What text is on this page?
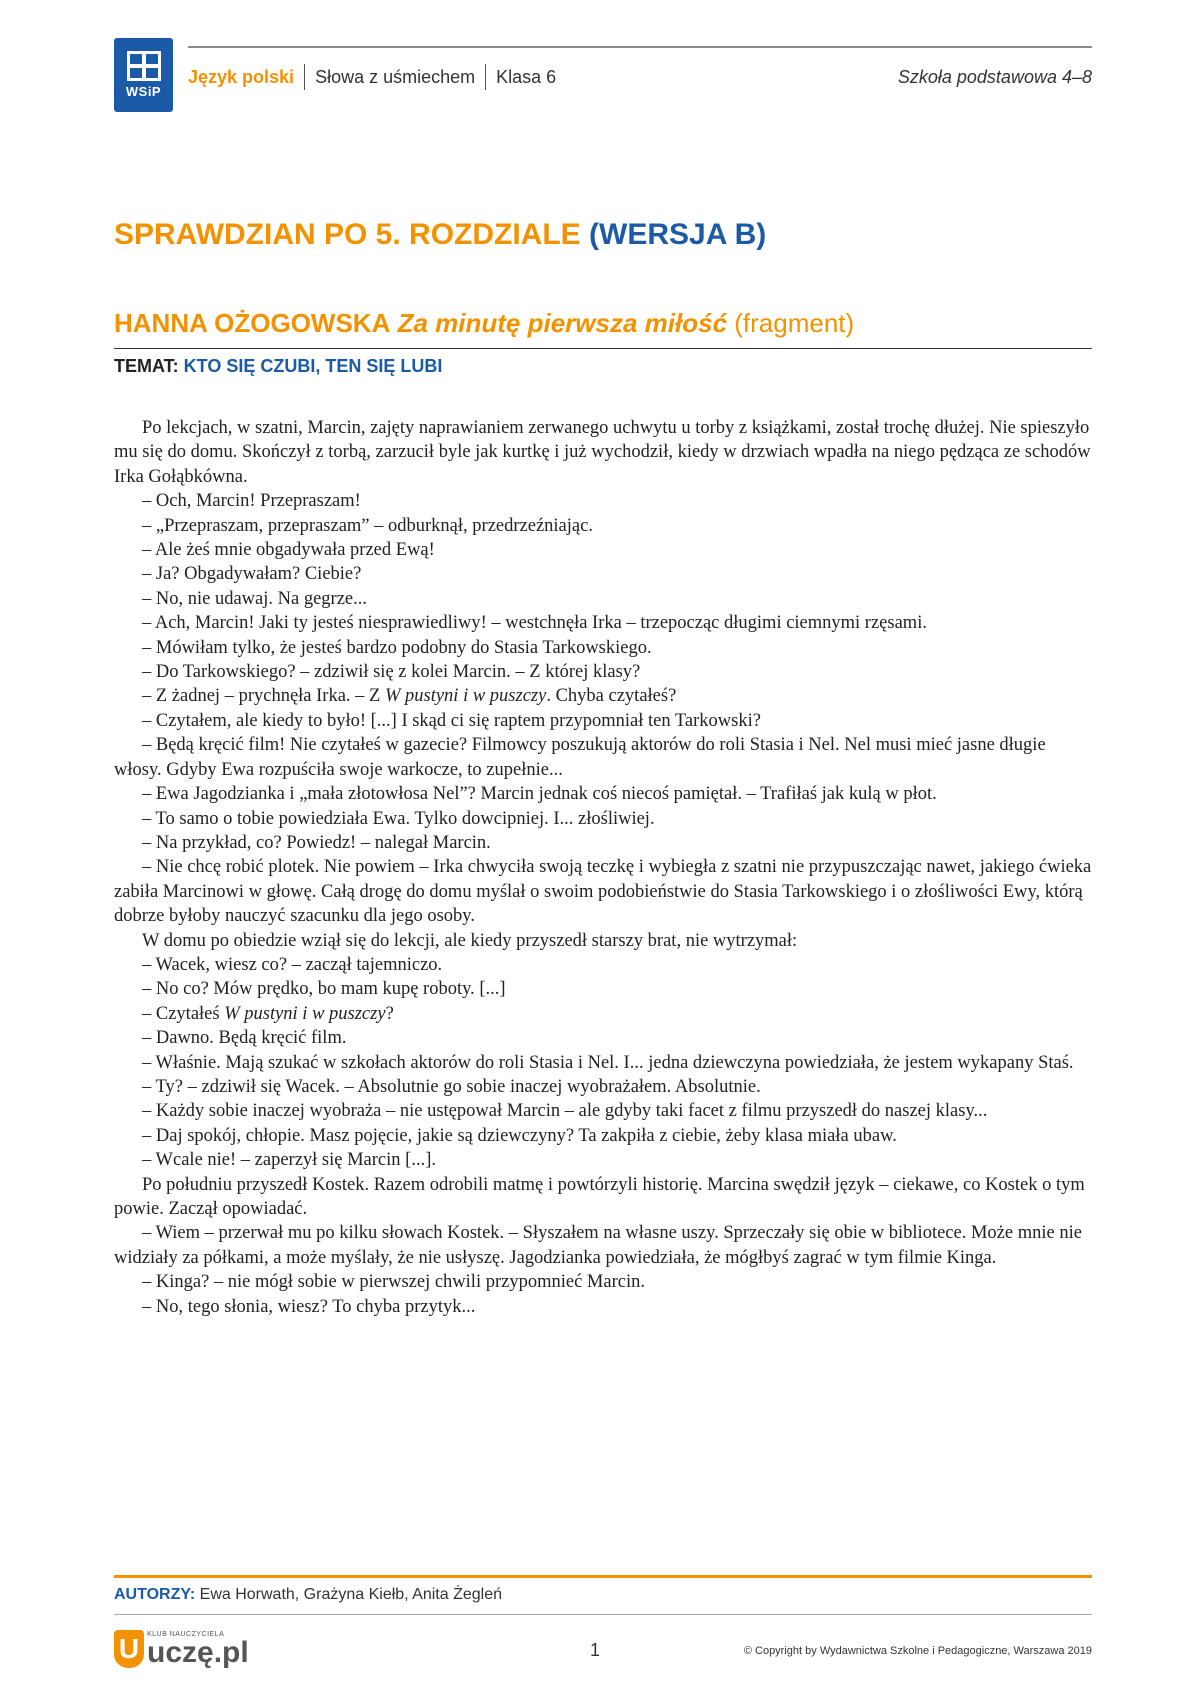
WSiP
Język polski Słowa z uśmiechem Klasa 6	Szkoła podstawowa 4–8
SPRAWDZIAN PO 5. ROZDZIALE (WERSJA B)
HANNA OŻOGOWSKA Za minutę pierwsza miłość (fragment)
TEMAT: KTO SIĘ CZUBI, TEN SIĘ LUBI

Po lekcjach, w szatni, Marcin, zajęty naprawianiem zerwanego uchwytu u torby z książkami, został trochę dłużej. Nie spieszyło mu się do domu. Skończył z torbą, zarzucił byle jak kurtkę i już wychodził, kiedy w drzwiach wpadła na niego pędząca ze schodów Irka Gołąbkówna.

– Och, Marcin! Przepraszam!

– „Przepraszam, przepraszam” – odburknął, przedrzeźniając.

– Ale żeś mnie obgadywała przed Ewą!

– Ja? Obgadywałam? Ciebie?

– No, nie udawaj. Na gegrze...

– Ach, Marcin! Jaki ty jesteś niesprawiedliwy! – westchnęła Irka – trzepocząc długimi ciemnymi rzęsami.

– Mówiłam tylko, że jesteś bardzo podobny do Stasia Tarkowskiego.

– Do Tarkowskiego? – zdziwił się z kolei Marcin. – Z której klasy?

– Z żadnej – prychnęła Irka. – Z W pustyni i w puszczy. Chyba czytałeś?

– Czytałem, ale kiedy to było! [...] I skąd ci się raptem przypomniał ten Tarkowski?

– Będą kręcić film! Nie czytałeś w gazecie? Filmowcy poszukują aktorów do roli Stasia i Nel. Nel musi mieć jasne długie włosy. Gdyby Ewa rozpuściła swoje warkocze, to zupełnie...

– Ewa Jagodzianka i „mała złotowłosa Nel”? Marcin jednak coś niecoś pamiętał. – Trafiłaś jak kulą w płot.

– To samo o tobie powiedziała Ewa. Tylko dowcipniej. I... złośliwiej.

– Na przykład, co? Powiedz! – nalegał Marcin.

– Nie chcę robić plotek. Nie powiem – Irka chwyciła swoją teczkę i wybiegła z szatni nie przypuszczając nawet, jakiego ćwieka zabiła Marcinowi w głowę. Całą drogę do domu myślał o swoim podobieństwie do Stasia Tarkowskiego i o złośliwości Ewy, którą dobrze byłoby nauczyć szacunku dla jego osoby.

W domu po obiedzie wziął się do lekcji, ale kiedy przyszedł starszy brat, nie wytrzymał:

– Wacek, wiesz co? – zaczął tajemniczo.

– No co? Mów prędko, bo mam kupę roboty. [...]

– Czytałeś W pustyni i w puszczy?

– Dawno. Będą kręcić film.

– Właśnie. Mają szukać w szkołach aktorów do roli Stasia i Nel. I... jedna dziewczyna powiedziała, że jestem wykapany Staś.

– Ty? – zdziwił się Wacek. – Absolutnie go sobie inaczej wyobrażałem. Absolutnie.

– Każdy sobie inaczej wyobraża – nie ustępował Marcin – ale gdyby taki facet z filmu przyszedł do naszej klasy...

– Daj spokój, chłopie. Masz pojęcie, jakie są dziewczyny? Ta zakpiła z ciebie, żeby klasa miała ubaw.

– Wcale nie! – zaperzył się Marcin [...].

Po południu przyszedł Kostek. Razem odrobili matmę i powtórzyli historię. Marcina swędził język – ciekawe, co Kostek o tym powie. Zaczął opowiadać.

– Wiem – przerwał mu po kilku słowach Kostek. – Słyszałem na własne uszy. Sprzeczały się obie w bibliotece. Może mnie nie widziały za półkami, a może myślały, że nie usłyszę. Jagodzianka powiedziała, że mógłbyś zagrać w tym filmie Kinga.

– Kinga? – nie mógł sobie w pierwszej chwili przypomnieć Marcin.

– No, tego słonia, wiesz? To chyba przytyk...

AUTORZY: Ewa Horwath, Grażyna Kiełb, Anita Żegleń
U	KLUB NAUCZYCIELA
uczę.pl	1	© Copyright by Wydawnictwa Szkolne i Pedagogiczne, Warszawa 2019
